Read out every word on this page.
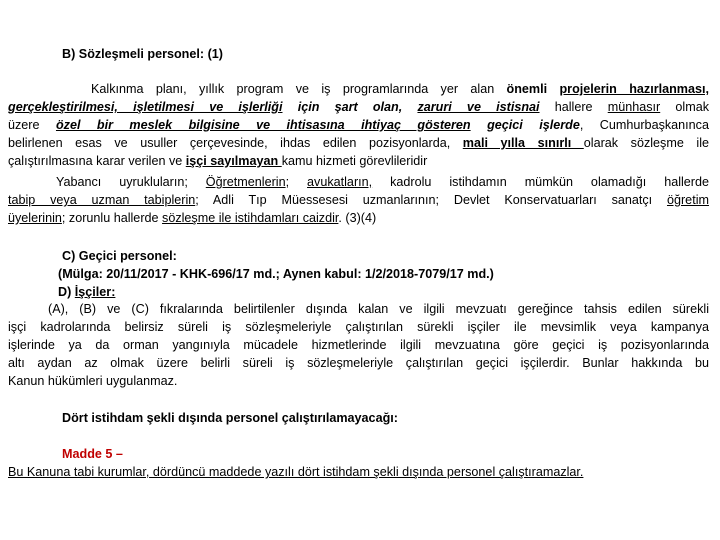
B) Sözleşmeli personel: (1)
Kalkınma planı, yıllık program ve iş programlarında yer alan önemli projelerin hazırlanması,
gerçekleştirilmesi, işletilmesi ve işlerliği için şart olan, zaruri ve istisnai hallere münhasır olmak
üzere özel bir meslek bilgisine ve ihtisasına ihtiyaç gösteren geçici işlerde, Cumhurbaşkanınca
belirlenen esas ve usuller çerçevesinde, ihdas edilen pozisyonlarda, mali yılla sınırlı olarak sözleşme ile
çalıştırılmasına karar verilen ve işçi sayılmayan kamu hizmeti görevlileridir
Yabancı uyrukluların; Öğretmenlerin; avukatların, kadrolu istihdamın mümkün olamadığı hallerde
tabip veya uzman tabiplerin; Adli Tıp Müessesesi uzmanlarının; Devlet Konservatuarları sanatçı öğretim
üyelerinin; zorunlu hallerde sözleşme ile istihdamları caizdir. (3)(4)
C) Geçici personel:
(Mülga: 20/11/2017 - KHK-696/17 md.; Aynen kabul: 1/2/2018-7079/17 md.)
D) İşçiler:
(A), (B) ve (C) fıkralarında belirtilenler dışında kalan ve ilgili mevzuatı gereğince tahsis edilen sürekli
işçi kadrolarında belirsiz süreli iş sözleşmeleriyle çalıştırılan sürekli işçiler ile mevsimlik veya kampanya
işlerinde ya da orman yangınıyla mücadele hizmetlerinde ilgili mevzuatına göre geçici iş pozisyonlarında
altı aydan az olmak üzere belirli süreli iş sözleşmeleriyle çalıştırılan geçici işçilerdir. Bunlar hakkında bu
Kanun hükümleri uygulanmaz.
Dört istihdam şekli dışında personel çalıştırılamayacağı:
Madde 5 –
Bu Kanuna tabi kurumlar, dördüncü maddede yazılı dört istihdam şekli dışında personel çalıştıramazlar.
